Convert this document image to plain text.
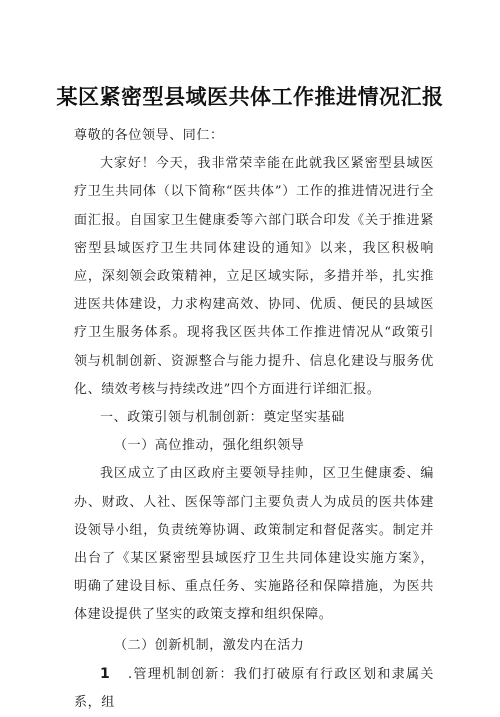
某区紧密型县域医共体工作推进情况汇报

尊敬的各位领导、同仁：

大家好！今天，我非常荣幸能在此就我区紧密型县域医疗卫生共同体（以下简称“医共体”）工作的推进情况进行全面汇报。自国家卫生健康委等六部门联合印发《关于推进紧密型县域医疗卫生共同体建设的通知》以来，我区积极响应，深刻领会政策精神，立足区域实际，多措并举，扎实推进医共体建设，力求构建高效、协同、优质、便民的县域医疗卫生服务体系。现将我区医共体工作推进情况从“政策引领与机制创新、资源整合与能力提升、信息化建设与服务优化、绩效考核与持续改进”四个方面进行详细汇报。

一、政策引领与机制创新：奠定坚实基础

（一）高位推动，强化组织领导

我区成立了由区政府主要领导挂帅，区卫生健康委、编办、财政、人社、医保等部门主要负责人为成员的医共体建设领导小组，负责统筹协调、政策制定和督促落实。制定并出台了《某区紧密型县域医疗卫生共同体建设实施方案》，明确了建设目标、重点任务、实施路径和保障措施，为医共体建设提供了坚实的政策支撑和组织保障。

（二）创新机制，激发内在活力

1 .管理机制创新：我们打破原有行政区划和隶属关系，组
